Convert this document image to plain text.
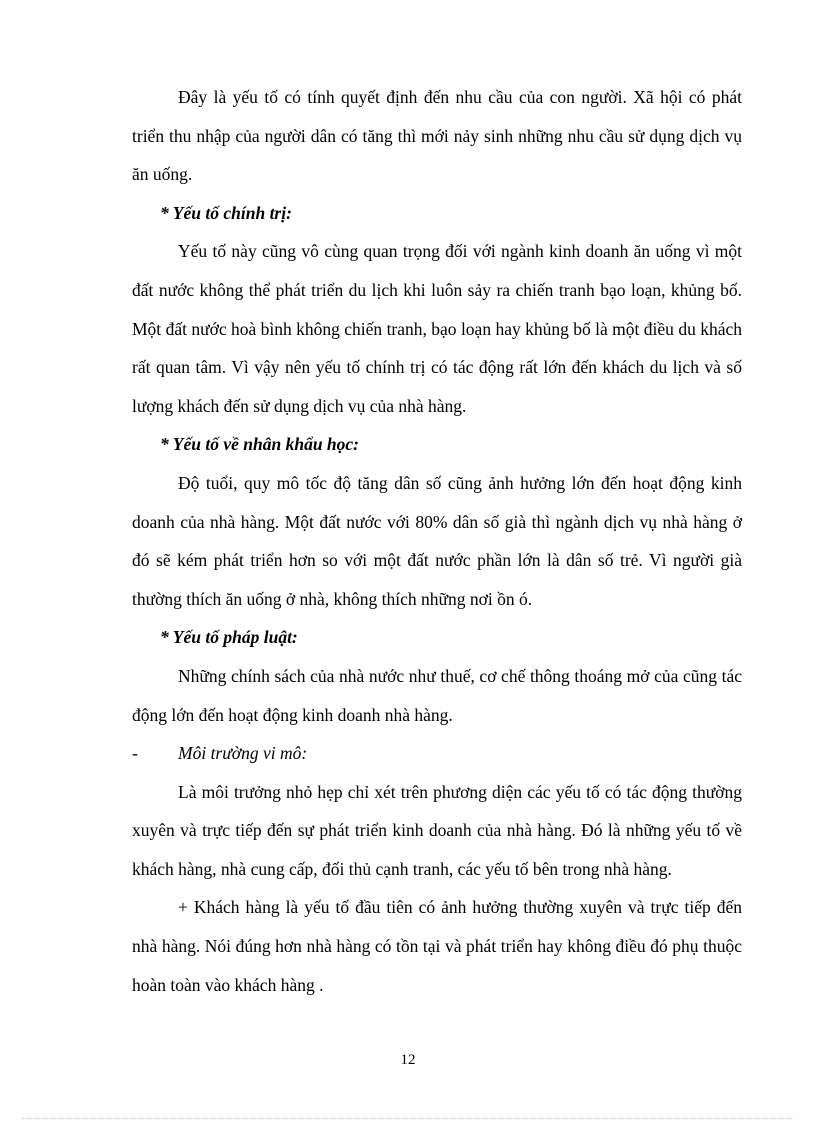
Đây là yếu tố có tính quyết định đến nhu cầu của con người. Xã hội có phát triển thu nhập của người dân có tăng thì mới nảy sinh những nhu cầu sử dụng dịch vụ ăn uống.

* Yếu tố chính trị:

Yếu tố này cũng vô cùng quan trọng đối với ngành kinh doanh ăn uống vì một đất nước không thể phát triển du lịch khi luôn sảy ra chiến tranh bạo loạn, khủng bố. Một đất nước hoà bình không chiến tranh, bạo loạn hay khủng bố là một điều du khách rất quan tâm. Vì vậy nên yếu tố chính trị có tác động rất lớn đến khách du lịch và số lượng khách đến sử dụng dịch vụ của nhà hàng.

* Yếu tố về nhân khẩu học:

Độ tuổi, quy mô tốc độ tăng dân số cũng ảnh hưởng lớn đến hoạt động kinh doanh của nhà hàng. Một đất nước với 80% dân số già thì ngành dịch vụ nhà hàng ở đó sẽ kém phát triển hơn so với một đất nước phần lớn là dân số trẻ. Vì người già thường thích ăn uống ở nhà, không thích những nơi ồn ó.

* Yếu tố pháp luật:

Những chính sách của nhà nước như thuế, cơ chế thông thoáng mở của cũng tác động lớn đến hoạt động kinh doanh nhà hàng.

- Môi trường vi mô:

Là môi trưởng nhỏ hẹp chỉ xét trên phương diện các yếu tố có tác động thường xuyên và trực tiếp đến sự phát triển kinh doanh của nhà hàng. Đó là những yếu tố về khách hàng, nhà cung cấp, đối thủ cạnh tranh, các yếu tố bên trong nhà hàng.

+ Khách hàng là yếu tố đầu tiên có ảnh hưởng thường xuyên và trực tiếp đến nhà hàng. Nói đúng hơn nhà hàng có tồn tại và phát triển hay không điều đó phụ thuộc hoàn toàn vào khách hàng .

12
